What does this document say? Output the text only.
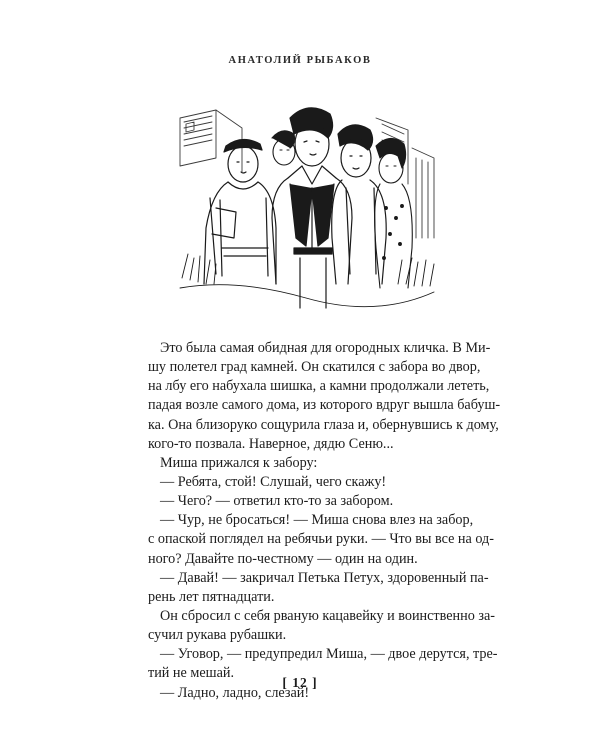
АНАТОЛИЙ РЫБАКОВ
Это была самая обидная для огородных кличка. В Ми-
шу полетел град камней. Он скатился с забора во двор,
на лбу его набухала шишка, а камни продолжали лететь,
падая возле самого дома, из которого вдруг вышла бабуш-
ка. Она близоруко сощурила глаза и, обернувшись к дому,
кого-то позвала. Наверное, дядю Сеню...
Миша прижался к забору:
— Ребята, стой! Слушай, чего скажу!
— Чего? — ответил кто-то за забором.
— Чур, не бросаться! — Миша снова влез на забор,
с опаской поглядел на ребячьи руки. — Что вы все на од-
ного? Давайте по-честному — один на один.
— Давай! — закричал Петька Петух, здоровенный па-
рень лет пятнадцати.
Он сбросил с себя рваную кацавейку и воинственно за-
сучил рукава рубашки.
— Уговор, — предупредил Миша, — двое дерутся, тре-
тий не мешай.
— Ладно, ладно, слезай!
[ 12 ]
